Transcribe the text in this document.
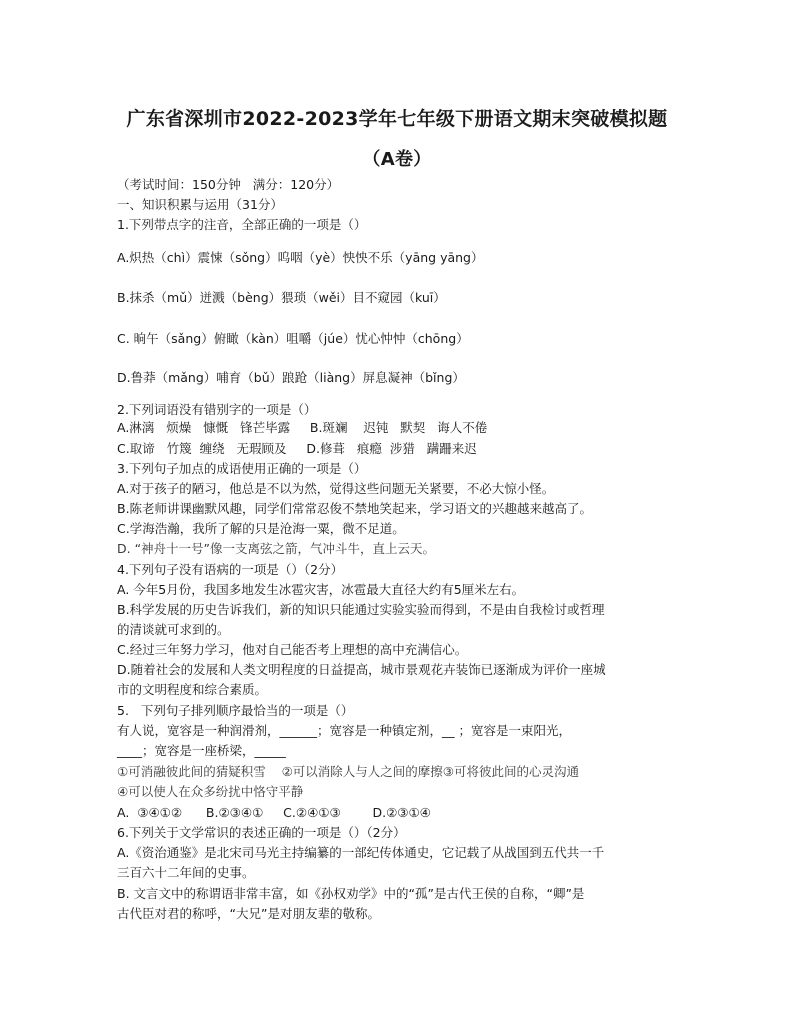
广东省深圳市2022-2023学年七年级下册语文期末突破模拟题
（A卷）
（考试时间：150分钟   满分：120分）
一、知识积累与运用（31分）
1.下列带点字的注音，全部正确的一项是（）
A.炽热（chì）震悚（sǒng）呜咽（yè）怏怏不乐（yāng yāng）
B.抹杀（mǔ）迸溅（bèng）猥琐（wěi）目不窥园（kuī）
C. 晌午（sǎng）俯瞰（kàn）咀嚼（júe）忧心忡忡（chōng）
D.鲁莽（mǎng）哺育（bǔ）踉跄（liàng）屏息凝神（bǐng）
2.下列词语没有错别字的一项是（）
A.淋漓   烦燥   慷慨   锋芒毕露     B.斑斓    迟钝   默契   诲人不倦
C.取谛   竹篾  缠绕   无瑕顾及     D.修葺   痕瘾  涉猎   蹒跚来迟
3.下列句子加点的成语使用正确的一项是（）
A.对于孩子的陋习，他总是不以为然，觉得这些问题无关紧要，不必大惊小怪。
B.陈老师讲课幽默风趣，同学们常常忍俊不禁地笑起来，学习语文的兴趣越来越高了。
C.学海浩瀚，我所了解的只是沧海一粟，微不足道。
D. “神舟十一号”像一支离弦之箭，气冲斗牛，直上云天。
4.下列句子没有语病的一项是（）（2分）
A. 今年5月份，我国多地发生冰雹灾害，冰雹最大直径大约有5厘米左右。
B.科学发展的历史告诉我们，新的知识只能通过实验实验而得到，不是由自我检讨或哲理
的清谈就可求到的。
C.经过三年努力学习，他对自己能否考上理想的高中充满信心。
D.随着社会的发展和人类文明程度的日益提高，城市景观花卉装饰已逐渐成为评价一座城
市的文明程度和综合素质。
5.   下列句子排列顺序最恰当的一项是（）
有人说，宽容是一种润滑剂，______；宽容是一种镇定剂，__ ；宽容是一束阳光，
____；宽容是一座桥梁，_____
①可消融彼此间的猜疑积雪    ②可以消除人与人之间的摩擦③可将彼此间的心灵沟通
④可以使人在众多纷扰中恪守平静
A.  ③④①②      B.②③④①     C.②④①③        D.②③①④
6.下列关于文学常识的表述正确的一项是（）（2分）
A.《资治通鉴》是北宋司马光主持编纂的一部纪传体通史，它记载了从战国到五代共一千
三百六十二年间的史事。
B. 文言文中的称谓语非常丰富，如《孙权劝学》中的“孤”是古代王侯的自称，“卿”是
古代臣对君的称呼，“大兄”是对朋友辈的敬称。
